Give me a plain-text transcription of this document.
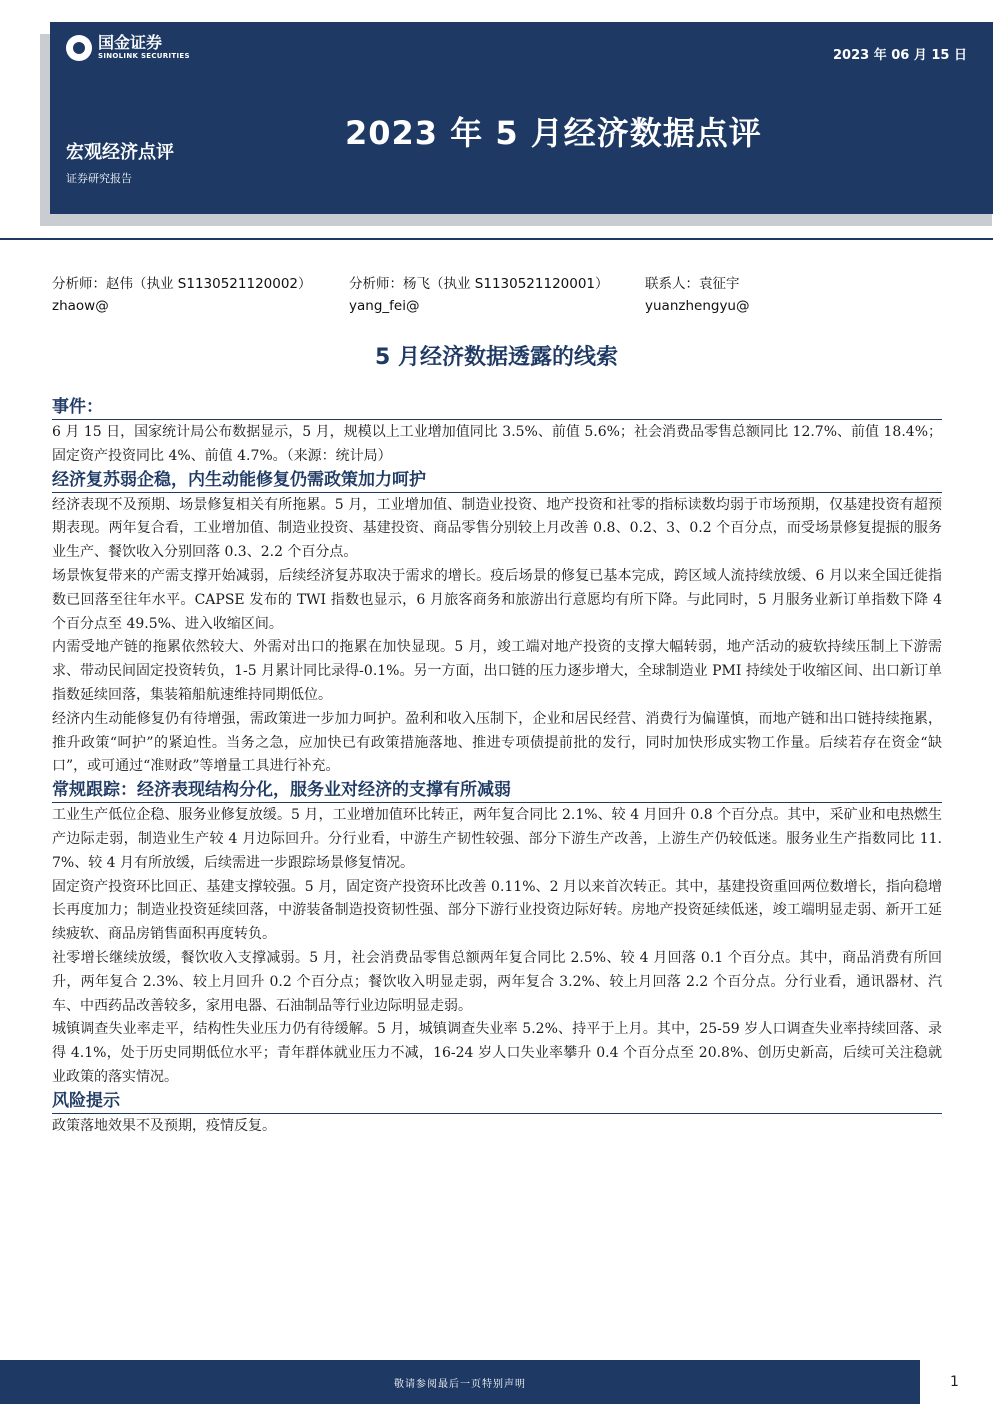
国金证券
SINOLINK SECURITIES	2023 年 06 月 15 日
2023 年 5 月经济数据点评
宏观经济点评
证券研究报告
分析师：赵伟（执业 S1130521120002）
zhaow@
分析师：杨飞（执业 S1130521120001）
yang_fei@
联系人：袁征宇
yuanzhengyu@
5 月经济数据透露的线索
事件：

6 月 15 日，国家统计局公布数据显示，5 月，规模以上工业增加值同比 3.5%、前值 5.6%；社会消费品零售总额同比 12.7%、前值 18.4%；固定资产投资同比 4%、前值 4.7%。（来源：统计局）

经济复苏弱企稳，内生动能修复仍需政策加力呵护

经济表现不及预期、场景修复相关有所拖累。5 月，工业增加值、制造业投资、地产投资和社零的指标读数均弱于市场预期，仅基建投资有超预期表现。两年复合看，工业增加值、制造业投资、基建投资、商品零售分别较上月改善 0.8、0.2、3、0.2 个百分点，而受场景修复提振的服务业生产、餐饮收入分别回落 0.3、2.2 个百分点。

场景恢复带来的产需支撑开始减弱，后续经济复苏取决于需求的增长。疫后场景的修复已基本完成，跨区域人流持续放缓、6 月以来全国迁徙指数已回落至往年水平。CAPSE 发布的 TWI 指数也显示，6 月旅客商务和旅游出行意愿均有所下降。与此同时，5 月服务业新订单指数下降 4 个百分点至 49.5%、进入收缩区间。

内需受地产链的拖累依然较大、外需对出口的拖累在加快显现。5 月，竣工端对地产投资的支撑大幅转弱，地产活动的疲软持续压制上下游需求、带动民间固定投资转负，1-5 月累计同比录得-0.1%。另一方面，出口链的压力逐步增大，全球制造业 PMI 持续处于收缩区间、出口新订单指数延续回落，集装箱船航速维持同期低位。

经济内生动能修复仍有待增强，需政策进一步加力呵护。盈利和收入压制下，企业和居民经营、消费行为偏谨慎，而地产链和出口链持续拖累，推升政策“呵护”的紧迫性。当务之急，应加快已有政策措施落地、推进专项债提前批的发行，同时加快形成实物工作量。后续若存在资金“缺口”，或可通过“准财政”等增量工具进行补充。

常规跟踪：经济表现结构分化，服务业对经济的支撑有所减弱

工业生产低位企稳、服务业修复放缓。5 月，工业增加值环比转正，两年复合同比 2.1%、较 4 月回升 0.8 个百分点。其中，采矿业和电热燃生产边际走弱，制造业生产较 4 月边际回升。分行业看，中游生产韧性较强、部分下游生产改善，上游生产仍较低迷。服务业生产指数同比 11.7%、较 4 月有所放缓，后续需进一步跟踪场景修复情况。

固定资产投资环比回正、基建支撑较强。5 月，固定资产投资环比改善 0.11%、2 月以来首次转正。其中，基建投资重回两位数增长，指向稳增长再度加力；制造业投资延续回落，中游装备制造投资韧性强、部分下游行业投资边际好转。房地产投资延续低迷，竣工端明显走弱、新开工延续疲软、商品房销售面积再度转负。

社零增长继续放缓，餐饮收入支撑减弱。5 月，社会消费品零售总额两年复合同比 2.5%、较 4 月回落 0.1 个百分点。其中，商品消费有所回升，两年复合 2.3%、较上月回升 0.2 个百分点；餐饮收入明显走弱，两年复合 3.2%、较上月回落 2.2 个百分点。分行业看，通讯器材、汽车、中西药品改善较多，家用电器、石油制品等行业边际明显走弱。

城镇调查失业率走平，结构性失业压力仍有待缓解。5 月，城镇调查失业率 5.2%、持平于上月。其中，25-59 岁人口调查失业率持续回落、录得 4.1%，处于历史同期低位水平；青年群体就业压力不减，16-24 岁人口失业率攀升 0.4 个百分点至 20.8%、创历史新高，后续可关注稳就业政策的落实情况。

风险提示

政策落地效果不及预期，疫情反复。

敬请参阅最后一页特别声明	1
